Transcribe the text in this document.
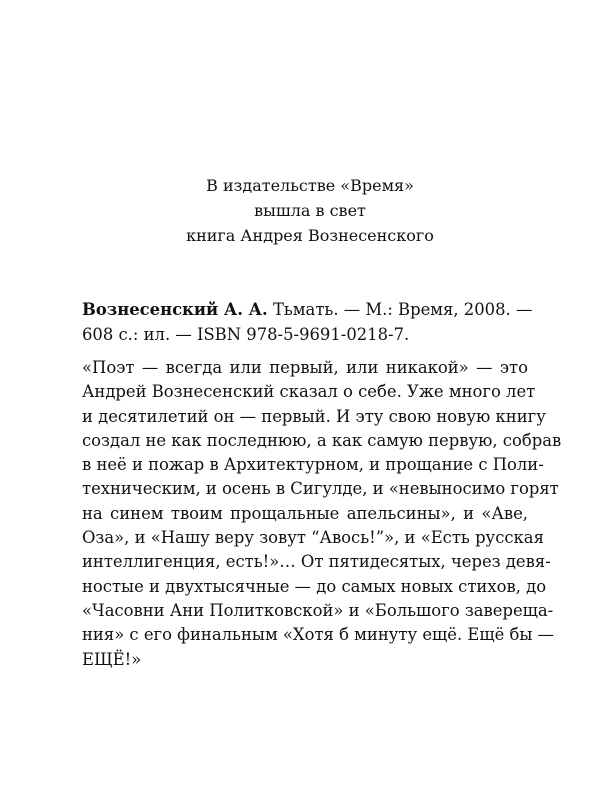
В издательстве «Время»
вышла в свет
книга Андрея Вознесенского

Вознесенский А. А. Тьмать. — М.: Время, 2008. —
608 с.: ил. — ISBN 978-5-9691-0218-7.

«Поэт — всегда или первый, или никакой» — это
Андрей Вознесенский сказал о себе. Уже много лет
и десятилетий он — первый. И эту свою новую книгу
создал не как последнюю, а как самую первую, собрав
в неё и пожар в Архитектурном, и прощание с Поли-
техническим, и осень в Сигулде, и «невыносимо горят
на синем твоим прощальные апельсины», и «Аве,
Оза», и «Нашу веру зовут “Авось!”», и «Есть русская
интеллигенция, есть!»… От пятидесятых, через девя-
ностые и двухтысячные — до самых новых стихов, до
«Часовни Ани Политковской» и «Большого завереща-
ния» с его финальным «Хотя б минуту ещё. Ещё бы —
ЕЩЁ!»
